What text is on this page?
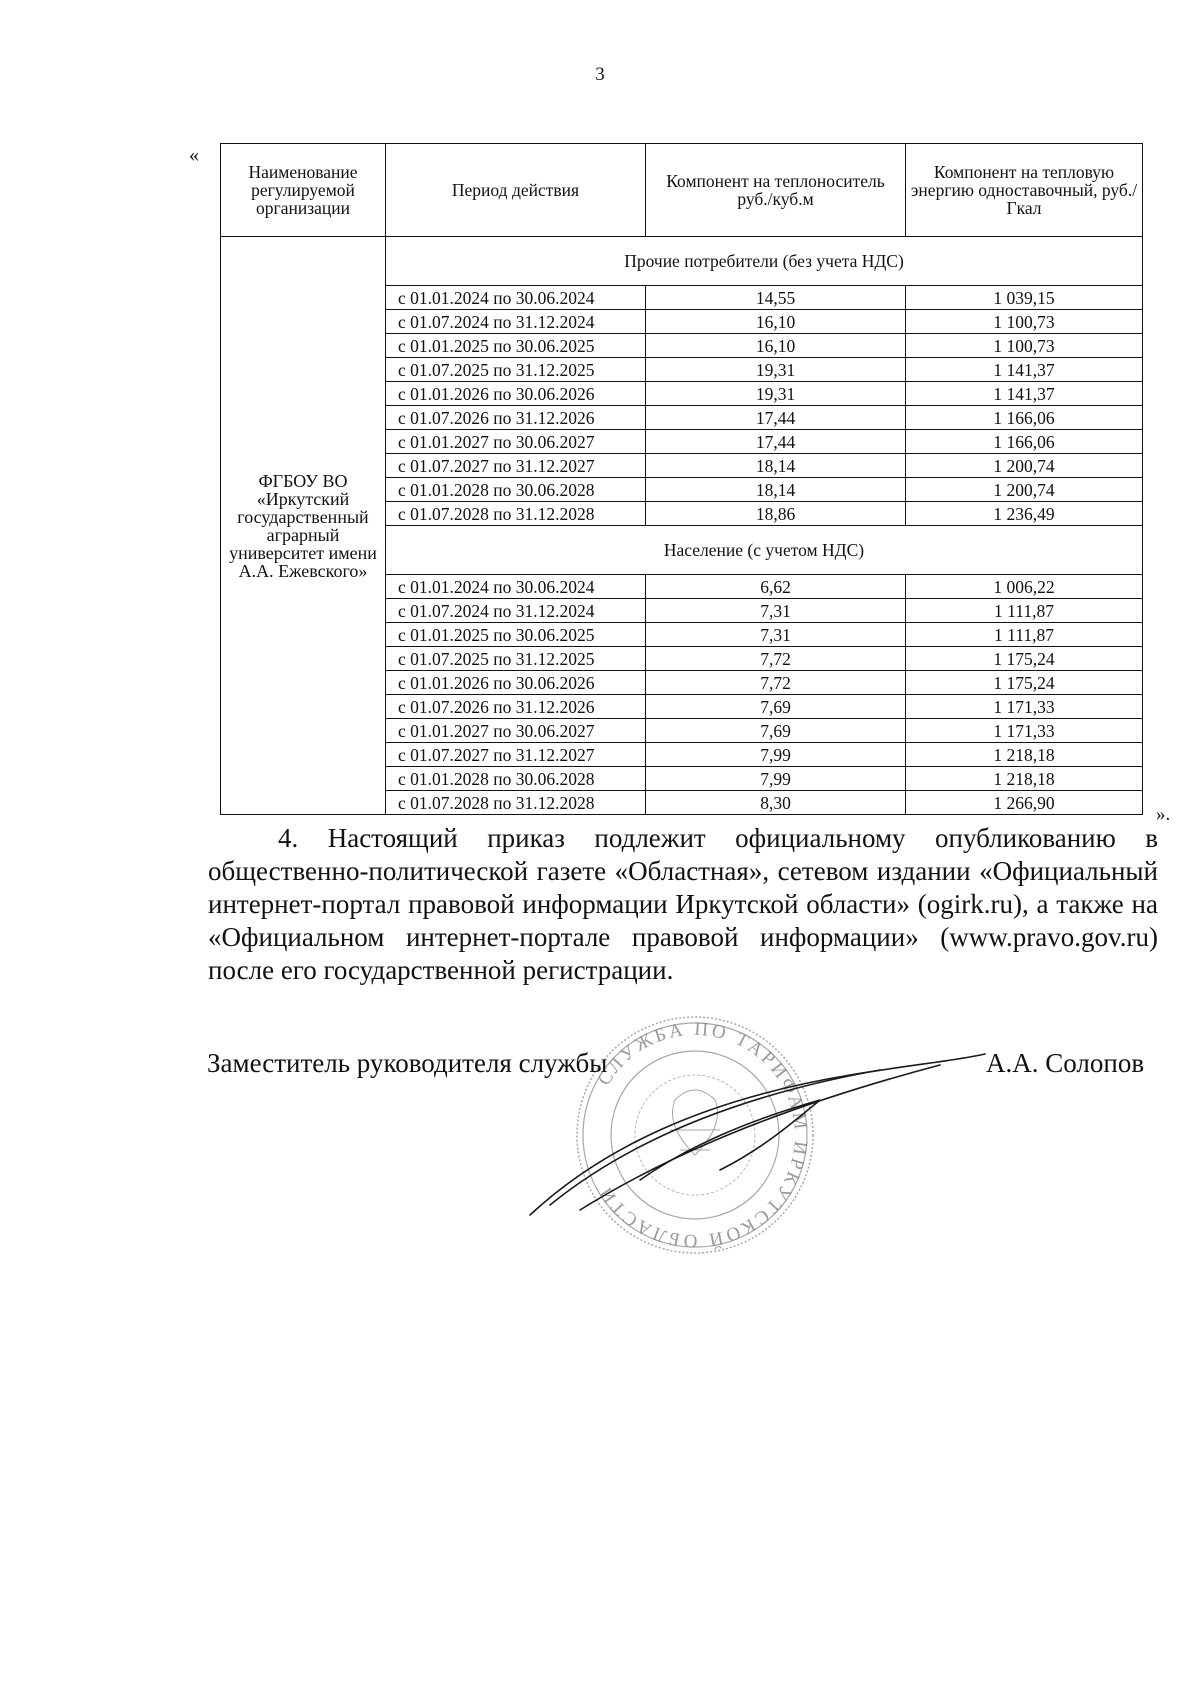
3
«
Наименование регулируемой организации	Период действия	Компонент на теплоноситель руб./куб.м	Компонент на тепловую энергию одноставочный, руб./Гкал
ФГБОУ ВО «Иркутский государственный аграрный университет имени А.А. Ежевского»	Прочие потребители (без учета НДС)		
	с 01.01.2024 по 30.06.2024	14,55	1 039,15
	с 01.07.2024 по 31.12.2024	16,10	1 100,73
	с 01.01.2025 по 30.06.2025	16,10	1 100,73
	с 01.07.2025 по 31.12.2025	19,31	1 141,37
	с 01.01.2026 по 30.06.2026	19,31	1 141,37
	с 01.07.2026 по 31.12.2026	17,44	1 166,06
	с 01.01.2027 по 30.06.2027	17,44	1 166,06
	с 01.07.2027 по 31.12.2027	18,14	1 200,74
	с 01.01.2028 по 30.06.2028	18,14	1 200,74
	с 01.07.2028 по 31.12.2028	18,86	1 236,49
	Население (с учетом НДС)		
	с 01.01.2024 по 30.06.2024	6,62	1 006,22
	с 01.07.2024 по 31.12.2024	7,31	1 111,87
	с 01.01.2025 по 30.06.2025	7,31	1 111,87
	с 01.07.2025 по 31.12.2025	7,72	1 175,24
	с 01.01.2026 по 30.06.2026	7,72	1 175,24
	с 01.07.2026 по 31.12.2026	7,69	1 171,33
	с 01.01.2027 по 30.06.2027	7,69	1 171,33
	с 01.07.2027 по 31.12.2027	7,99	1 218,18
	с 01.01.2028 по 30.06.2028	7,99	1 218,18
	с 01.07.2028 по 31.12.2028	8,30	1 266,90
».

4. Настоящий приказ подлежит официальному опубликованию в общественно-политической газете «Областная», сетевом издании «Официальный интернет-портал правовой информации Иркутской области» (ogirk.ru), а также на «Официальном интернет-портале правовой информации» (www.pravo.gov.ru) после его государственной регистрации.

СЛУЖБА ПО ТАРИФАМ ИРКУТСКОЙ ОБЛАСТИ
Заместитель руководителя службы	А.А. Солопов
